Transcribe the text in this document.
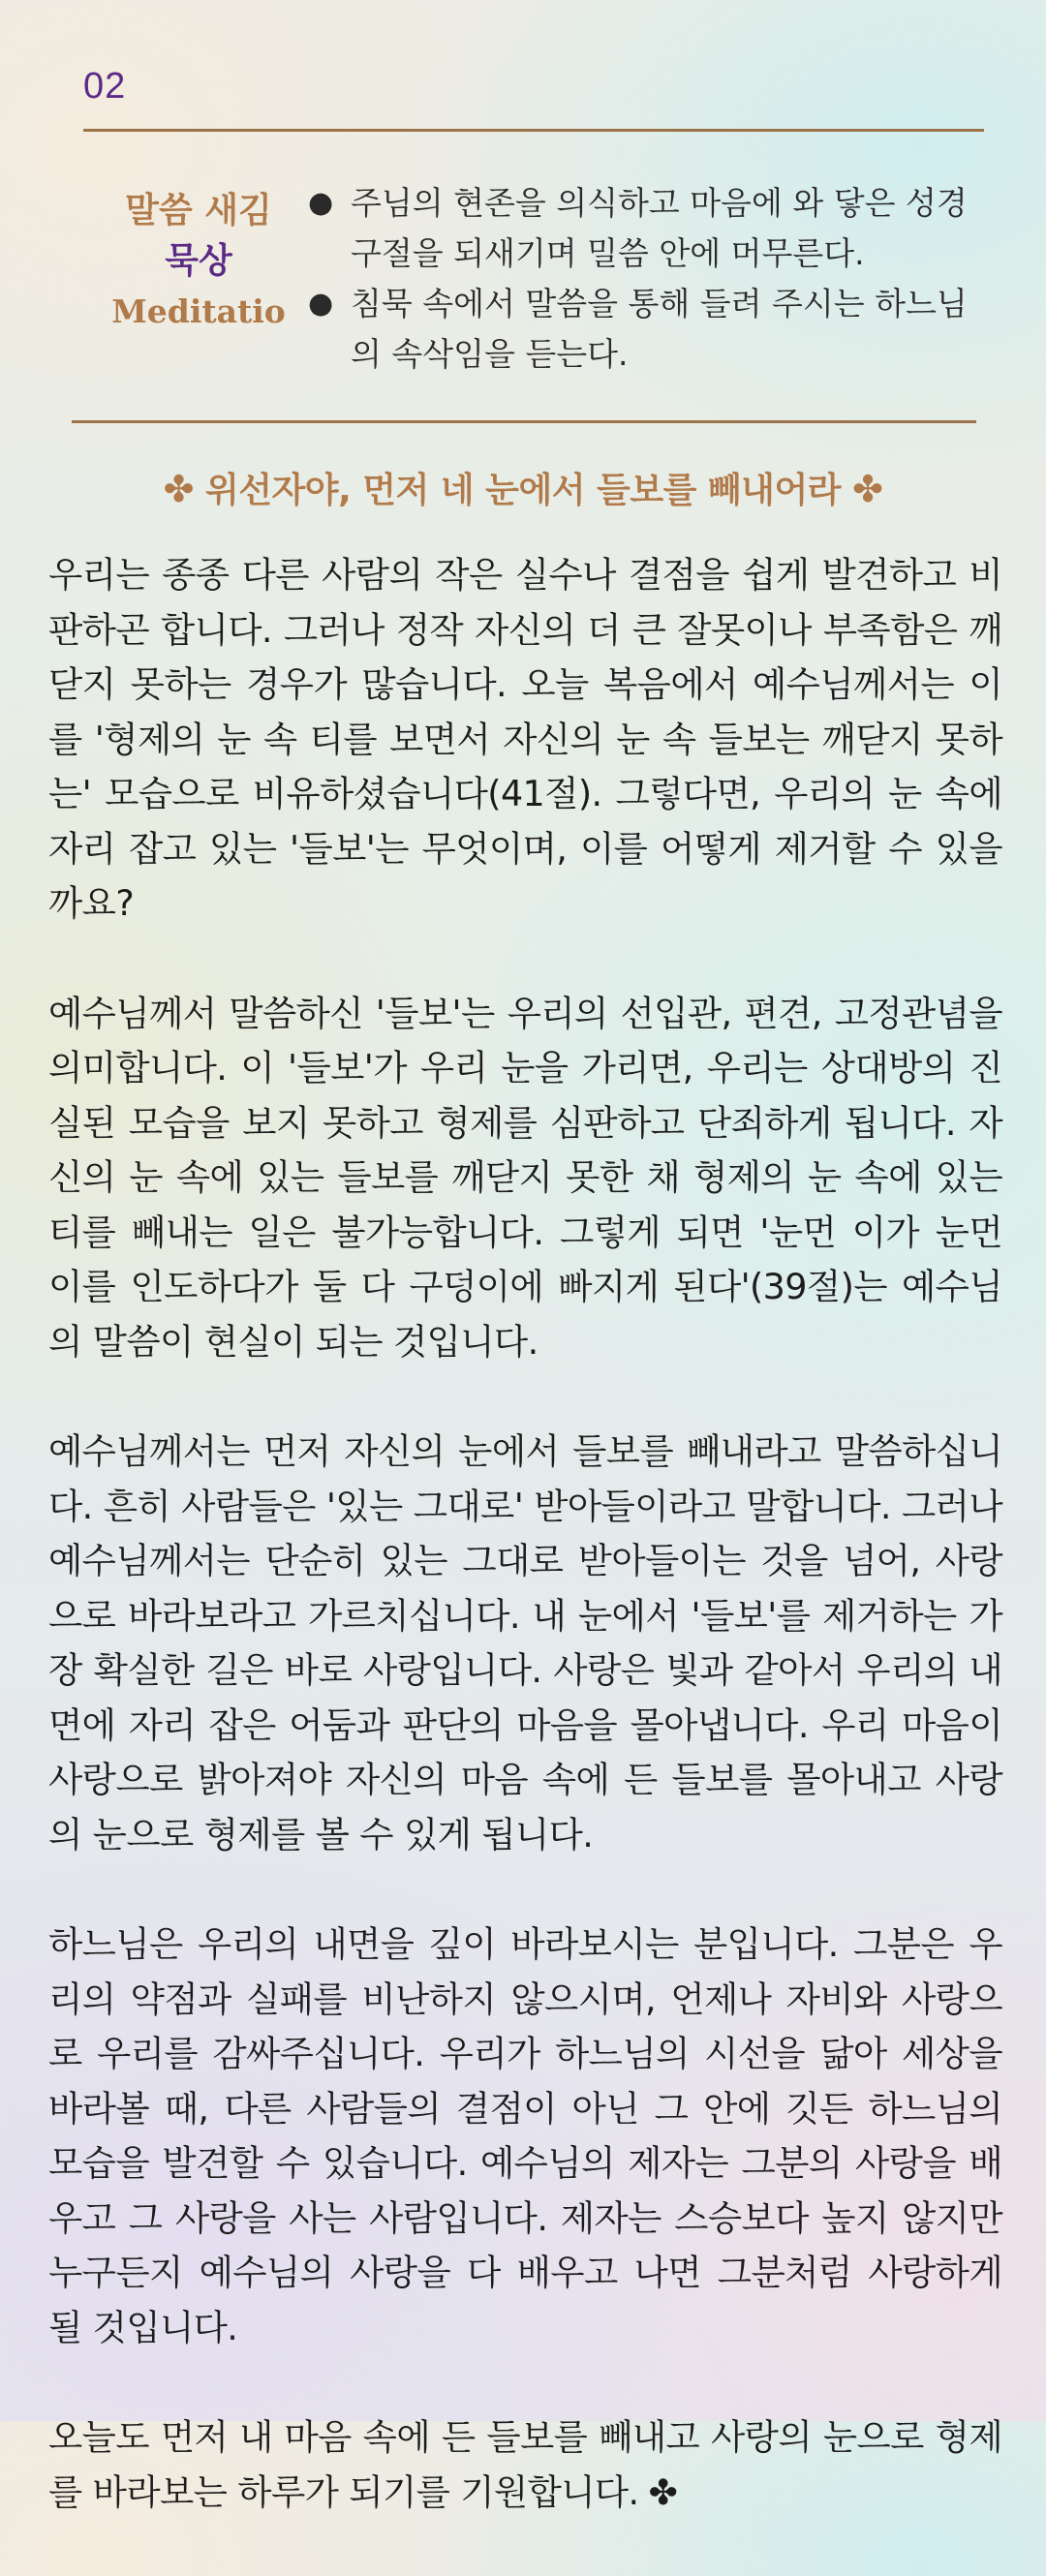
02
말씀 새김
묵상
Meditatio
● 주님의 현존을 의식하고 마음에 와 닿은 성경구절을 되새기며 밀씀 안에 머무른다.
● 침묵 속에서 말씀을 통해 들려 주시는 하느님의 속삭임을 듣는다.
✤ 위선자야, 먼저 네 눈에서 들보를 빼내어라 ✤

우리는 종종 다른 사람의 작은 실수나 결점을 쉽게 발견하고 비판하곤 합니다. 그러나 정작 자신의 더 큰 잘못이나 부족함은 깨닫지 못하는 경우가 많습니다. 오늘 복음에서 예수님께서는 이를 '형제의 눈 속 티를 보면서 자신의 눈 속 들보는 깨닫지 못하는' 모습으로 비유하셨습니다(41절). 그렇다면, 우리의 눈 속에 자리 잡고 있는 '들보'는 무엇이며, 이를 어떻게 제거할 수 있을까요?

예수님께서 말씀하신 '들보'는 우리의 선입관, 편견, 고정관념을 의미합니다. 이 '들보'가 우리 눈을 가리면, 우리는 상대방의 진실된 모습을 보지 못하고 형제를 심판하고 단죄하게 됩니다. 자신의 눈 속에 있는 들보를 깨닫지 못한 채 형제의 눈 속에 있는 티를 빼내는 일은 불가능합니다. 그렇게 되면 '눈먼 이가 눈먼 이를 인도하다가 둘 다 구덩이에 빠지게 된다'(39절)는 예수님의 말씀이 현실이 되는 것입니다.

예수님께서는 먼저 자신의 눈에서 들보를 빼내라고 말씀하십니다. 흔히 사람들은 '있는 그대로' 받아들이라고 말합니다. 그러나 예수님께서는 단순히 있는 그대로 받아들이는 것을 넘어, 사랑으로 바라보라고 가르치십니다. 내 눈에서 '들보'를 제거하는 가장 확실한 길은 바로 사랑입니다. 사랑은 빛과 같아서 우리의 내면에 자리 잡은 어둠과 판단의 마음을 몰아냅니다. 우리 마음이 사랑으로 밝아져야 자신의 마음 속에 든 들보를 몰아내고 사랑의 눈으로 형제를 볼 수 있게 됩니다.

하느님은 우리의 내면을 깊이 바라보시는 분입니다. 그분은 우리의 약점과 실패를 비난하지 않으시며, 언제나 자비와 사랑으로 우리를 감싸주십니다. 우리가 하느님의 시선을 닮아 세상을 바라볼 때, 다른 사람들의 결점이 아닌 그 안에 깃든 하느님의 모습을 발견할 수 있습니다. 예수님의 제자는 그분의 사랑을 배우고 그 사랑을 사는 사람입니다. 제자는 스승보다 높지 않지만 누구든지 예수님의 사랑을 다 배우고 나면 그분처럼 사랑하게 될 것입니다.

오늘도 먼저 내 마음 속에 든 들보를 빼내고 사랑의 눈으로 형제를 바라보는 하루가 되기를 기원합니다. ✤
